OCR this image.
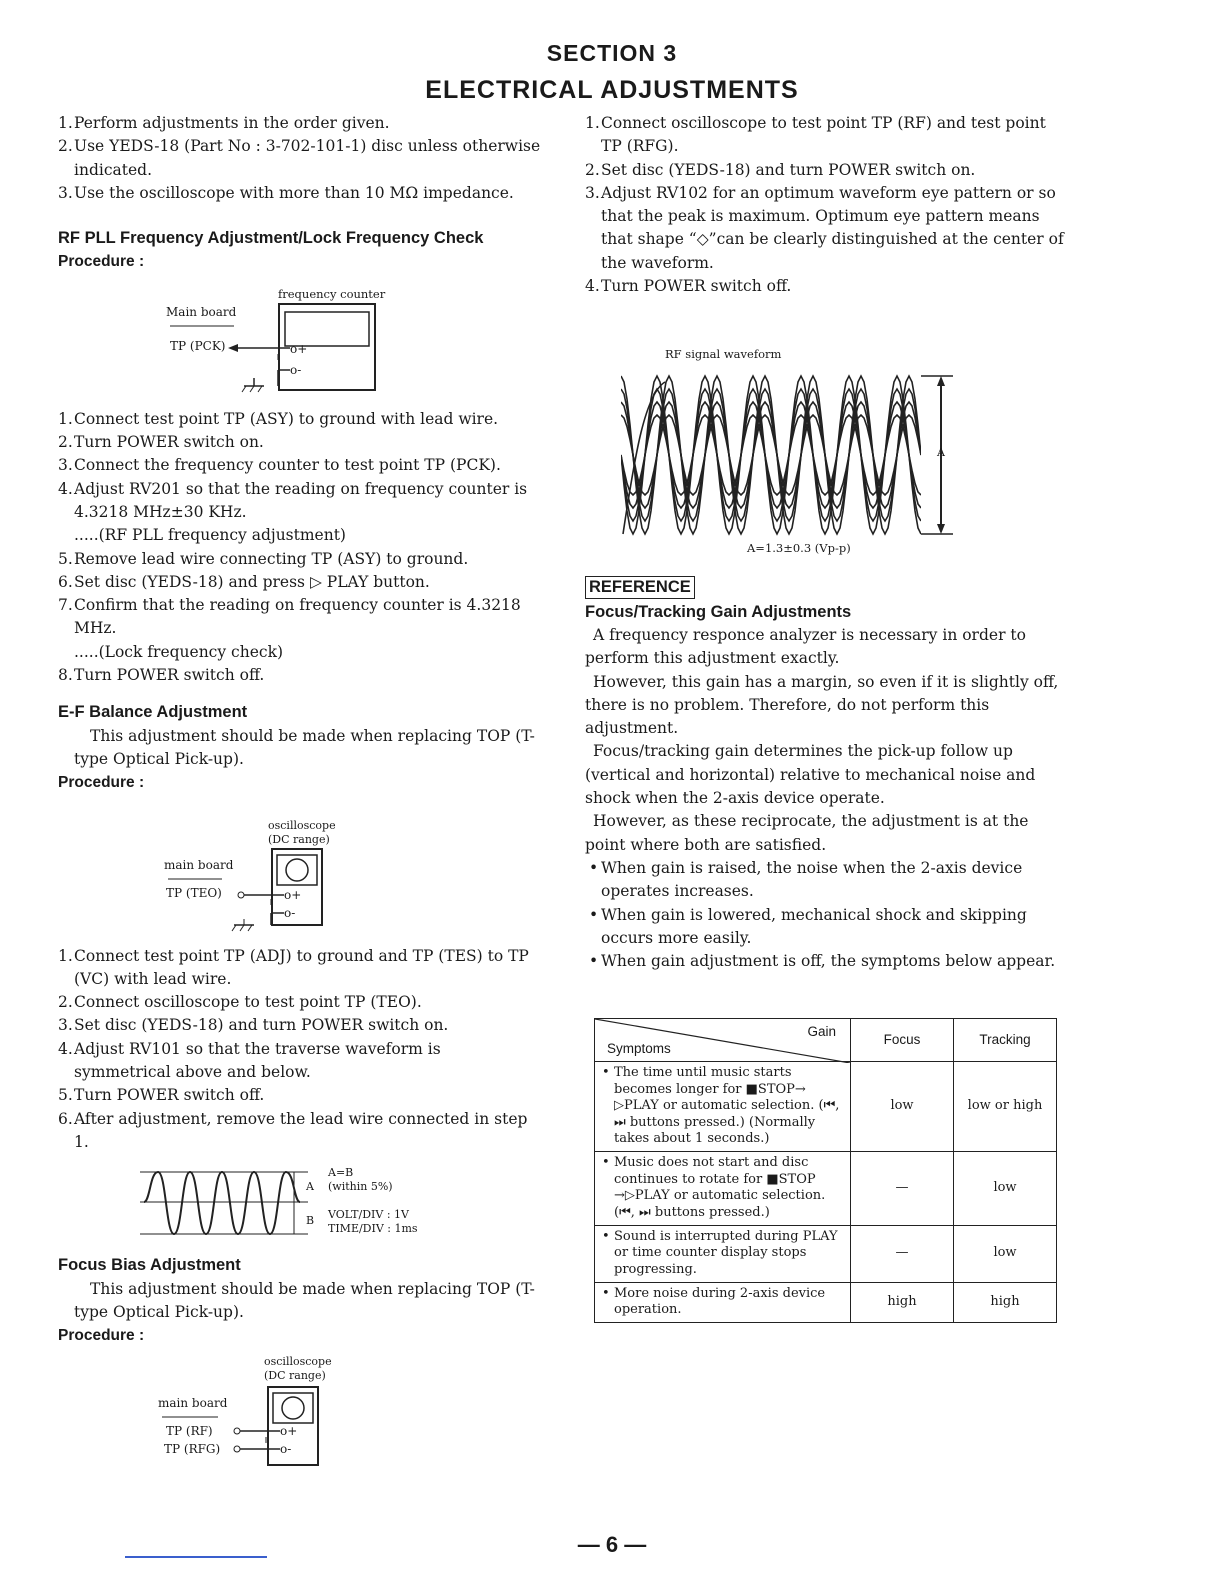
SECTION 3
ELECTRICAL ADJUSTMENTS
1. Perform adjustments in the order given.
2. Use YEDS-18 (Part No : 3-702-101-1) disc unless otherwise indicated.
3. Use the oscilloscope with more than 10 MΩ impedance.
RF PLL Frequency Adjustment/Lock Frequency Check
Procedure :
frequency counter
Main board
TP (PCK)	o+
o-
1. Connect test point TP (ASY) to ground with lead wire.
2. Turn POWER switch on.
3. Connect the frequency counter to test point TP (PCK).
4. Adjust RV201 so that the reading on frequency counter is 4.3218 MHz±30 KHz.
.....(RF PLL frequency adjustment)
5. Remove lead wire connecting TP (ASY) to ground.
6. Set disc (YEDS-18) and press ▷ PLAY button.
7. Confirm that the reading on frequency counter is 4.3218 MHz.
.....(Lock frequency check)
8. Turn POWER switch off.
E-F Balance Adjustment
This adjustment should be made when replacing TOP (T-type Optical Pick-up).
Procedure :
oscilloscope
(DC range)
main board
TP (TEO)	o+
o-
1. Connect test point TP (ADJ) to ground and TP (TES) to TP (VC) with lead wire.
2. Connect oscilloscope to test point TP (TEO).
3. Set disc (YEDS-18) and turn POWER switch on.
4. Adjust RV101 so that the traverse waveform is symmetrical above and below.
5. Turn POWER switch off.
6. After adjustment, remove the lead wire connected in step 1.
A
B
A=B
(within 5%)
VOLT/DIV : 1V
TIME/DIV : 1ms
Focus Bias Adjustment
This adjustment should be made when replacing TOP (T-type Optical Pick-up).
Procedure :
oscilloscope
(DC range)
main board
TP (RF)
TP (RFG)
o+
o-
1. Connect oscilloscope to test point TP (RF) and test point TP (RFG).
2. Set disc (YEDS-18) and turn POWER switch on.
3. Adjust RV102 for an optimum waveform eye pattern or so that the peak is maximum. Optimum eye pattern means that shape “◇”can be clearly distinguished at the center of the waveform.
4. Turn POWER switch off.
RF signal waveform
A
A=1.3±0.3 (Vp-p)
REFERENCE
Focus/Tracking Gain Adjustments
A frequency responce analyzer is necessary in order to perform this adjustment exactly.
However, this gain has a margin, so even if it is slightly off, there is no problem. Therefore, do not perform this adjustment.
Focus/tracking gain determines the pick-up follow up (vertical and horizontal) relative to mechanical noise and shock when the 2-axis device operate.
However, as these reciprocate, the adjustment is at the point where both are satisfied.
• When gain is raised, the noise when the 2-axis device operates increases.
• When gain is lowered, mechanical shock and skipping occurs more easily.
• When gain adjustment is off, the symptoms below appear.
Gain
Symptoms	Focus	Tracking

• The time until music starts becomes longer for ■STOP→ ▷PLAY or automatic selection. (⏮, ⏭ buttons pressed.) (Normally takes about 1 seconds.)	low	low or high

• Music does not start and disc continues to rotate for ■STOP →▷PLAY or automatic selection. (⏮, ⏭ buttons pressed.)	—	low

• Sound is interrupted during PLAY or time counter display stops progressing.	—	low

• More noise during 2-axis device operation.	high	high
— 6 —
